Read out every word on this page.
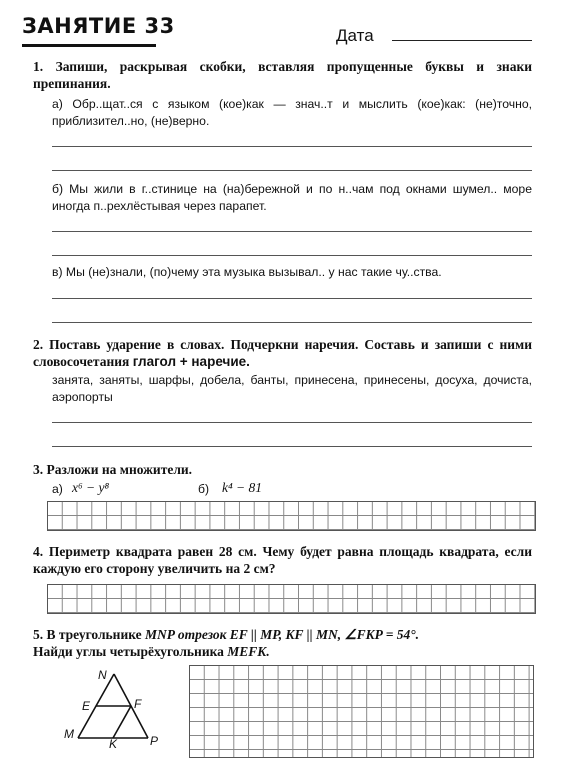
ЗАНЯТИЕ 33	Дата
1. Запиши, раскрывая скобки, вставляя пропущенные буквы и знаки препинания.
а) Обр..щат..ся с языком (кое)как — знач..т и мыслить (кое)как: (не)точно, приблизител..но, (не)верно.
б) Мы жили в г..стинице на (на)бережной и по н..чам под окнами шумел.. море иногда п..рехлёстывая через парапет.
в) Мы (не)знали, (по)чему эта музыка вызывал.. у нас такие чу..ства.
2. Поставь ударение в словах. Подчеркни наречия. Составь и запиши с ними словосочетания глагол + наречие.
занята, заняты, шарфы, добела, банты, принесена, принесены, досуха, дочиста, аэропорты
3. Разложи на множители.
а) x⁶ − y⁸	б) k⁴ − 81
4. Периметр квадрата равен 28 см. Чему будет равна площадь квадрата, если каждую его сторону увеличить на 2 см?
5. В треугольнике MNP отрезок EF || MP, KF || MN, ∠FKP = 54°.
Найди углы четырёхугольника MEFK.
N
E	F
M
K	P
